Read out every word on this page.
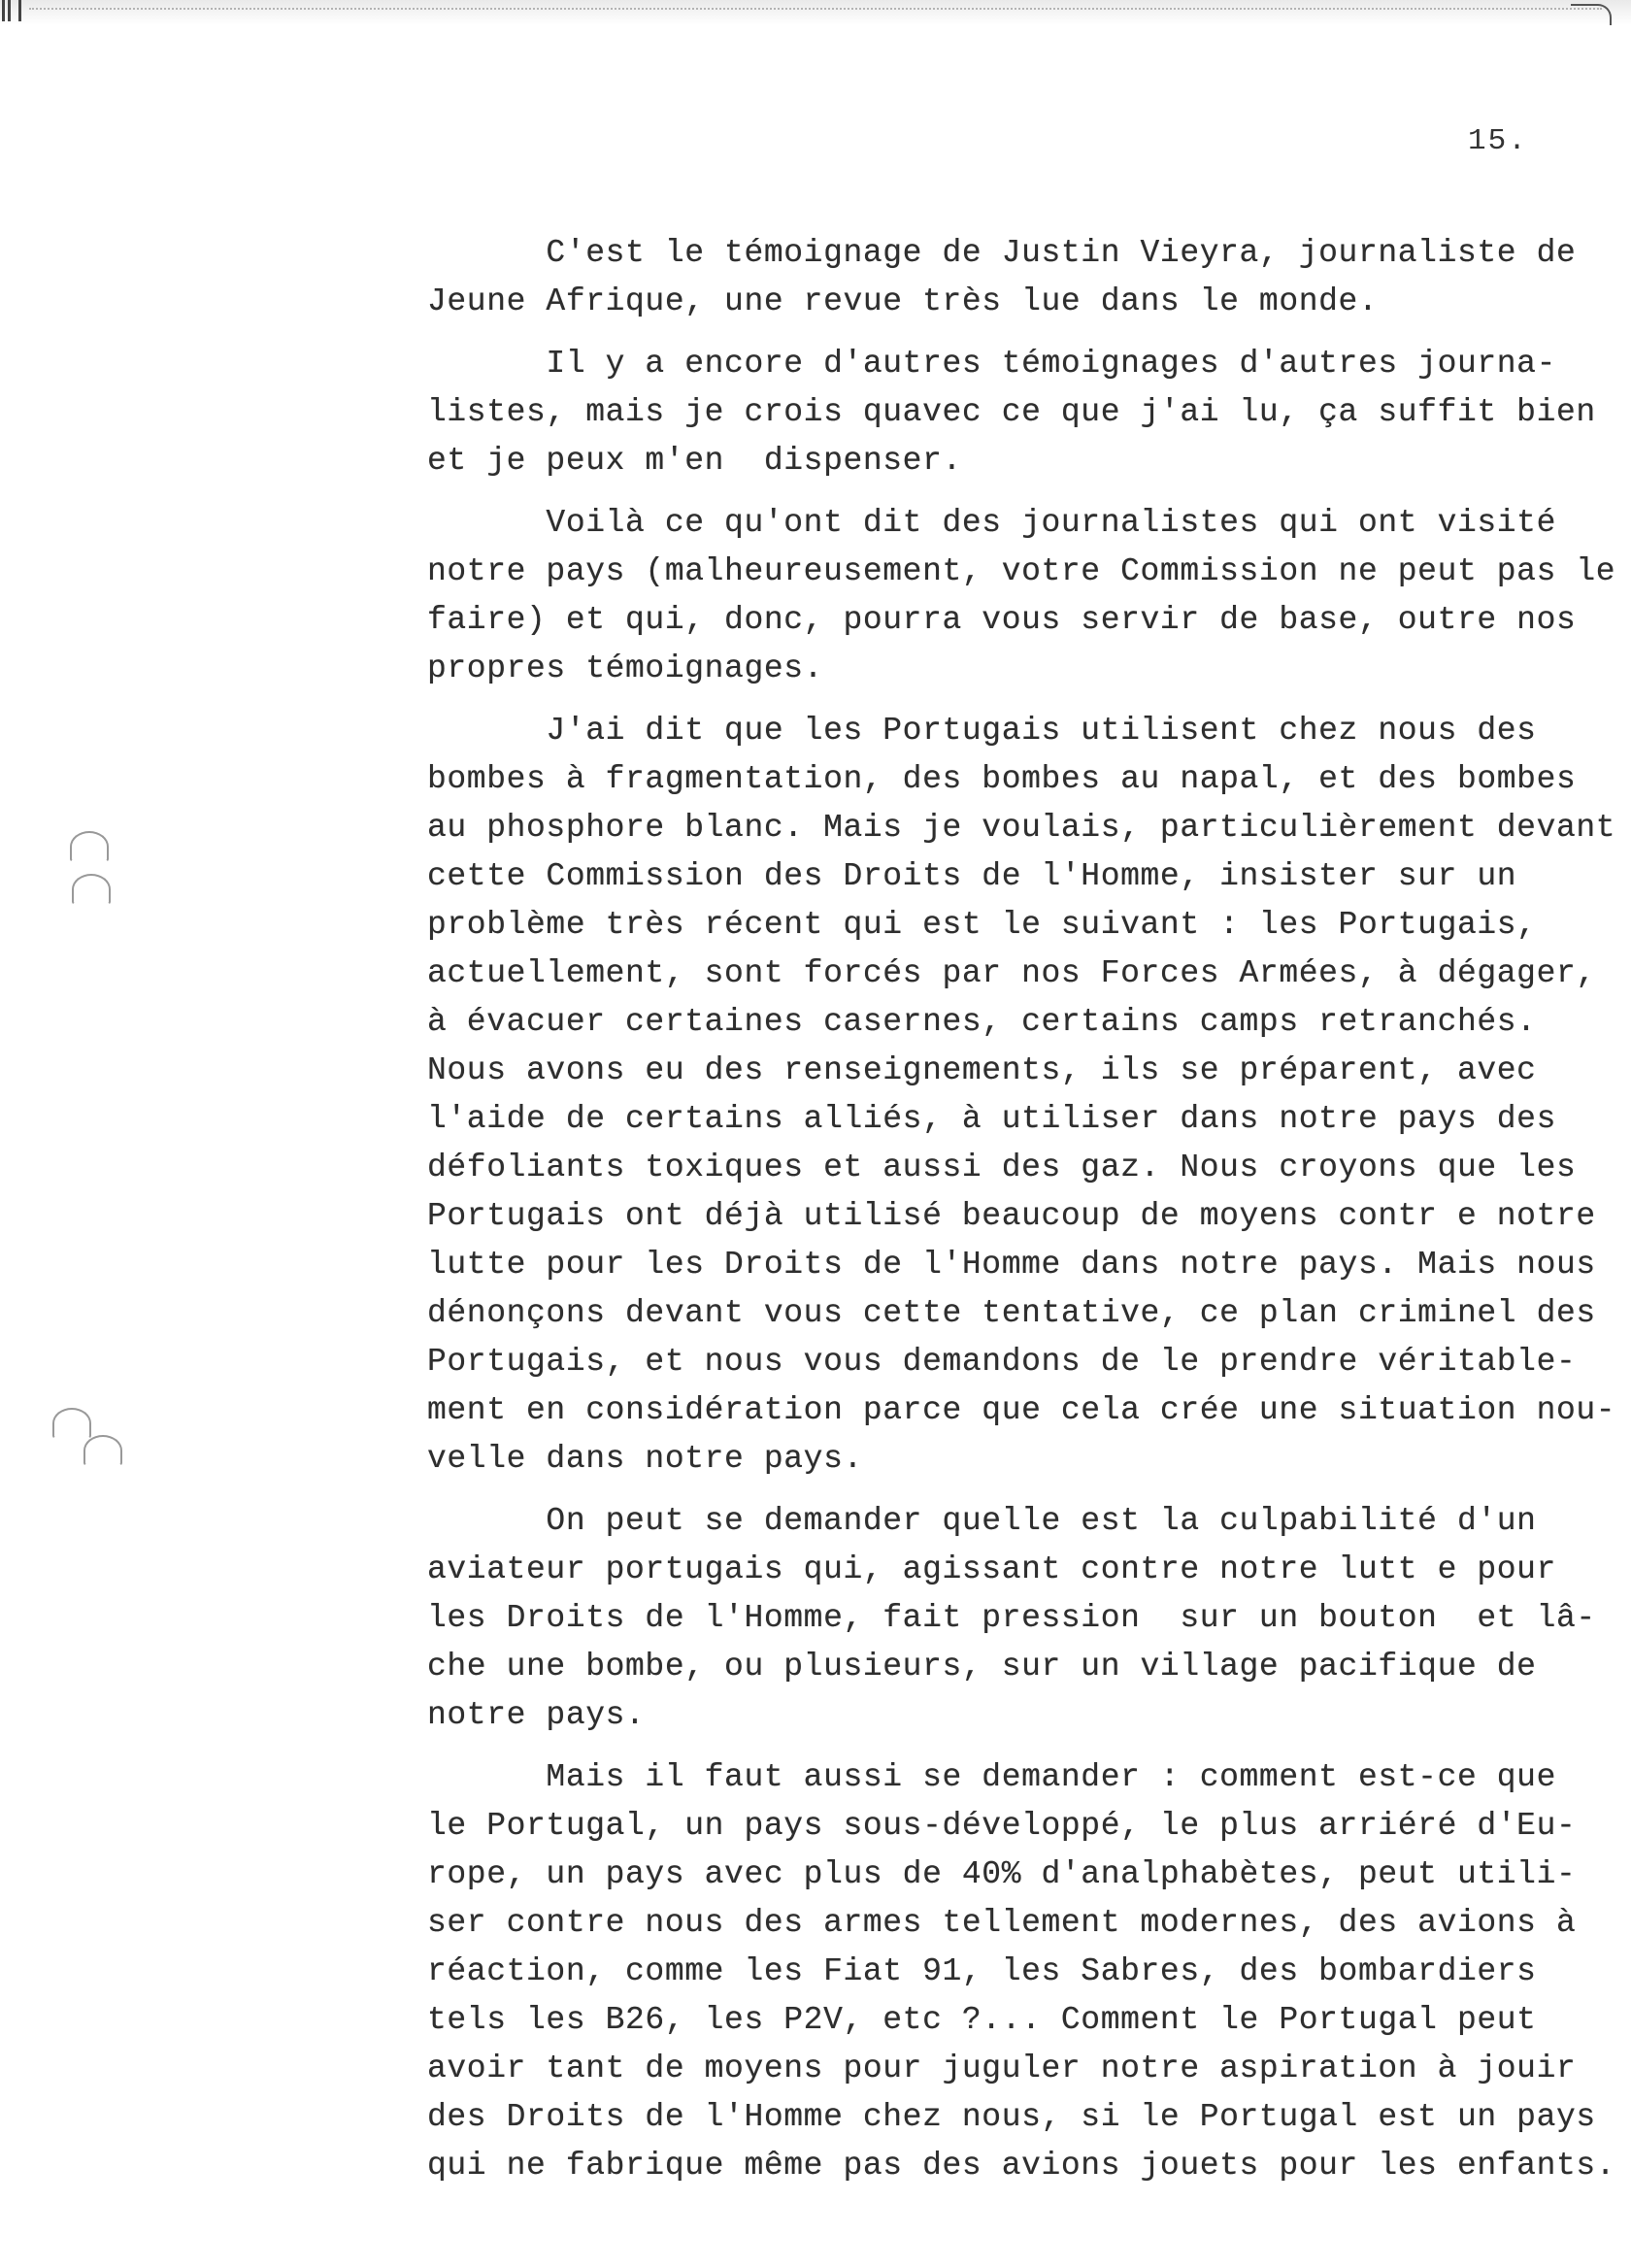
15.
C'est le témoignage de Justin Vieyra, journaliste de
Jeune Afrique, une revue très lue dans le monde.
Il y a encore d'autres témoignages d'autres journa-
listes, mais je crois quavec ce que j'ai lu, ça suffit bien
et je peux m'en  dispenser.
Voilà ce qu'ont dit des journalistes qui ont visité
notre pays (malheureusement, votre Commission ne peut pas le
faire) et qui, donc, pourra vous servir de base, outre nos
propres témoignages.
J'ai dit que les Portugais utilisent chez nous des
bombes à fragmentation, des bombes au napal, et des bombes
au phosphore blanc. Mais je voulais, particulièrement devant
cette Commission des Droits de l'Homme, insister sur un
problème très récent qui est le suivant : les Portugais,
actuellement, sont forcés par nos Forces Armées, à dégager,
à évacuer certaines casernes, certains camps retranchés.
Nous avons eu des renseignements, ils se préparent, avec
l'aide de certains alliés, à utiliser dans notre pays des
défoliants toxiques et aussi des gaz. Nous croyons que les
Portugais ont déjà utilisé beaucoup de moyens contr e notre
lutte pour les Droits de l'Homme dans notre pays. Mais nous
dénonçons devant vous cette tentative, ce plan criminel des
Portugais, et nous vous demandons de le prendre véritable-
ment en considération parce que cela crée une situation nou-
velle dans notre pays.
On peut se demander quelle est la culpabilité d'un
aviateur portugais qui, agissant contre notre lutt e pour
les Droits de l'Homme, fait pression  sur un bouton  et lâ-
che une bombe, ou plusieurs, sur un village pacifique de
notre pays.
Mais il faut aussi se demander : comment est-ce que
le Portugal, un pays sous-développé, le plus arriéré d'Eu-
rope, un pays avec plus de 40% d'analphabètes, peut utili-
ser contre nous des armes tellement modernes, des avions à
réaction, comme les Fiat 91, les Sabres, des bombardiers
tels les B26, les P2V, etc ?... Comment le Portugal peut
avoir tant de moyens pour juguler notre aspiration à jouir
des Droits de l'Homme chez nous, si le Portugal est un pays
qui ne fabrique même pas des avions jouets pour les enfants.
